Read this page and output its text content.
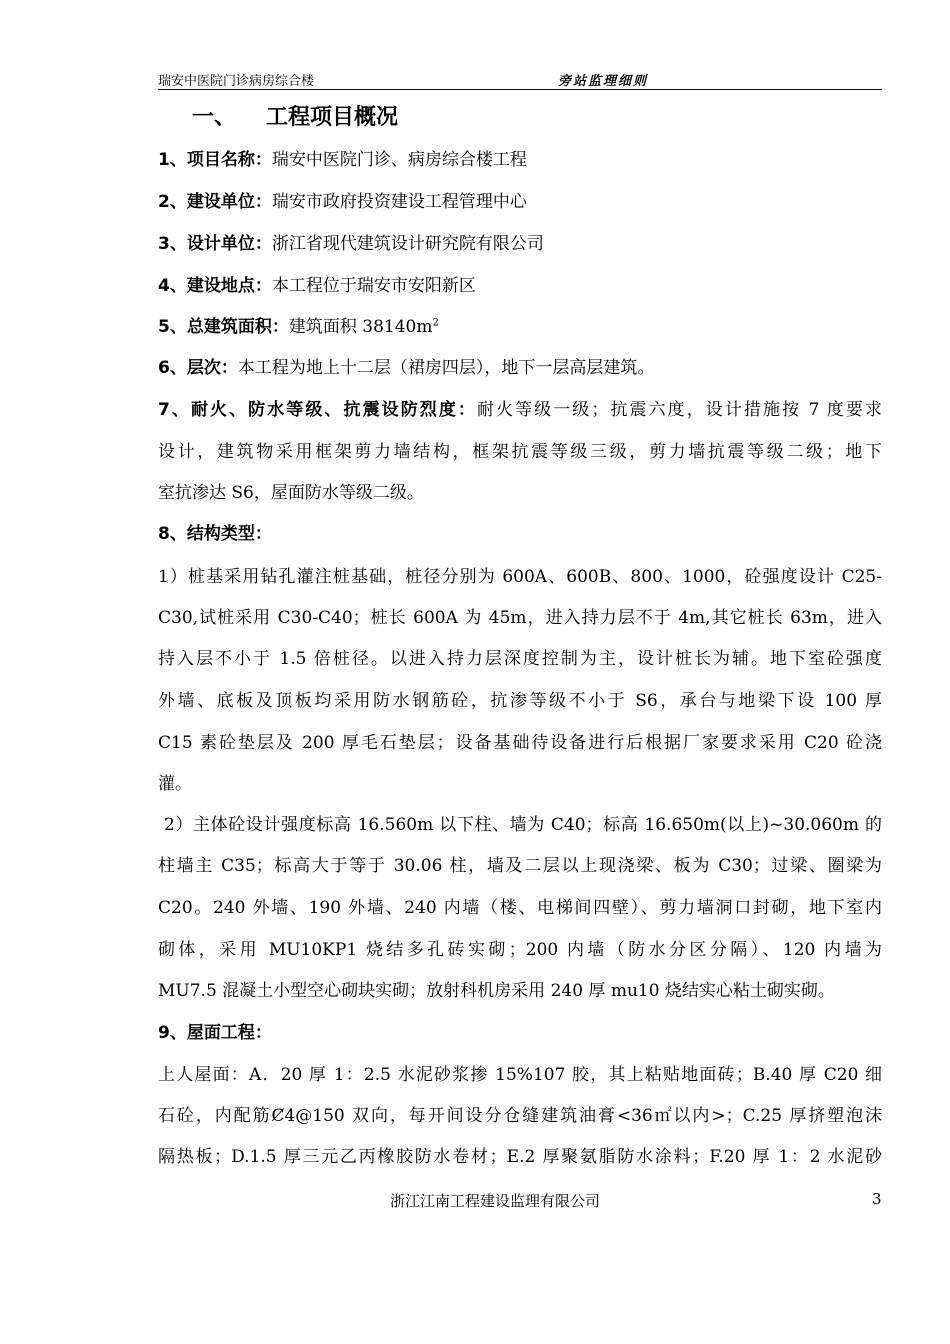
瑞安中医院门诊病房综合楼	旁站监理细则
一、 工程项目概况
1、项目名称：瑞安中医院门诊、病房综合楼工程
2、建设单位：瑞安市政府投资建设工程管理中心
3、设计单位：浙江省现代建筑设计研究院有限公司
4、建设地点：本工程位于瑞安市安阳新区
5、总建筑面积：建筑面积 $38140m^2$
6、层次：本工程为地上十二层（裙房四层），地下一层高层建筑。
7、耐火、防水等级、抗震设防烈度：耐火等级一级；抗震六度，设计措施按 7 度要求
设计，建筑物采用框架剪力墙结构，框架抗震等级三级，剪力墙抗震等级二级；地下
室抗渗达 S6，屋面防水等级二级。
8、结构类型：
1）桩基采用钻孔灌注桩基础，桩径分别为 600A、600B、800、1000，砼强度设计 C25-
C30,试桩采用 C30-C40；桩长 600A 为 45m，进入持力层不于 4m,其它桩长 63m，进入
持入层不小于 1.5 倍桩径。以进入持力层深度控制为主，设计桩长为辅。地下室砼强度
外墙、底板及顶板均采用防水钢筋砼，抗渗等级不小于 S6，承台与地梁下设 100 厚
C15 素砼垫层及 200 厚毛石垫层；设备基础待设备进行后根据厂家要求采用 C20 砼浇
灌。
2）主体砼设计强度标高 16.560m 以下柱、墙为 C40；标高 16.650m(以上)~30.060m 的
柱墙主 C35；标高大于等于 30.06 柱，墙及二层以上现浇梁、板为 C30；过梁、圈梁为
C20。240 外墙、190 外墙、240 内墙（楼、电梯间四壁）、剪力墙洞口封砌，地下室内
砌体，采用 MU10KP1 烧结多孔砖实砌；200 内墙（防水分区分隔）、120 内墙为
MU7.5 混凝土小型空心砌块实砌；放射科机房采用 240 厚 mu10 烧结实心粘土砌实砌。
9、屋面工程：
上人屋面：A．20 厚 1：2.5 水泥砂浆掺 15%107 胶，其上粘贴地面砖；B.40 厚 C20 细
石砼，内配筋Ȼ4@150 双向，每开间设分仓缝建筑油膏<36㎡以内>；C.25 厚挤塑泡沫
隔热板；D.1.5 厚三元乙丙橡胶防水卷材；E.2 厚聚氨脂防水涂料；F.20 厚 1：2 水泥砂
浙江江南工程建设监理有限公司	3
